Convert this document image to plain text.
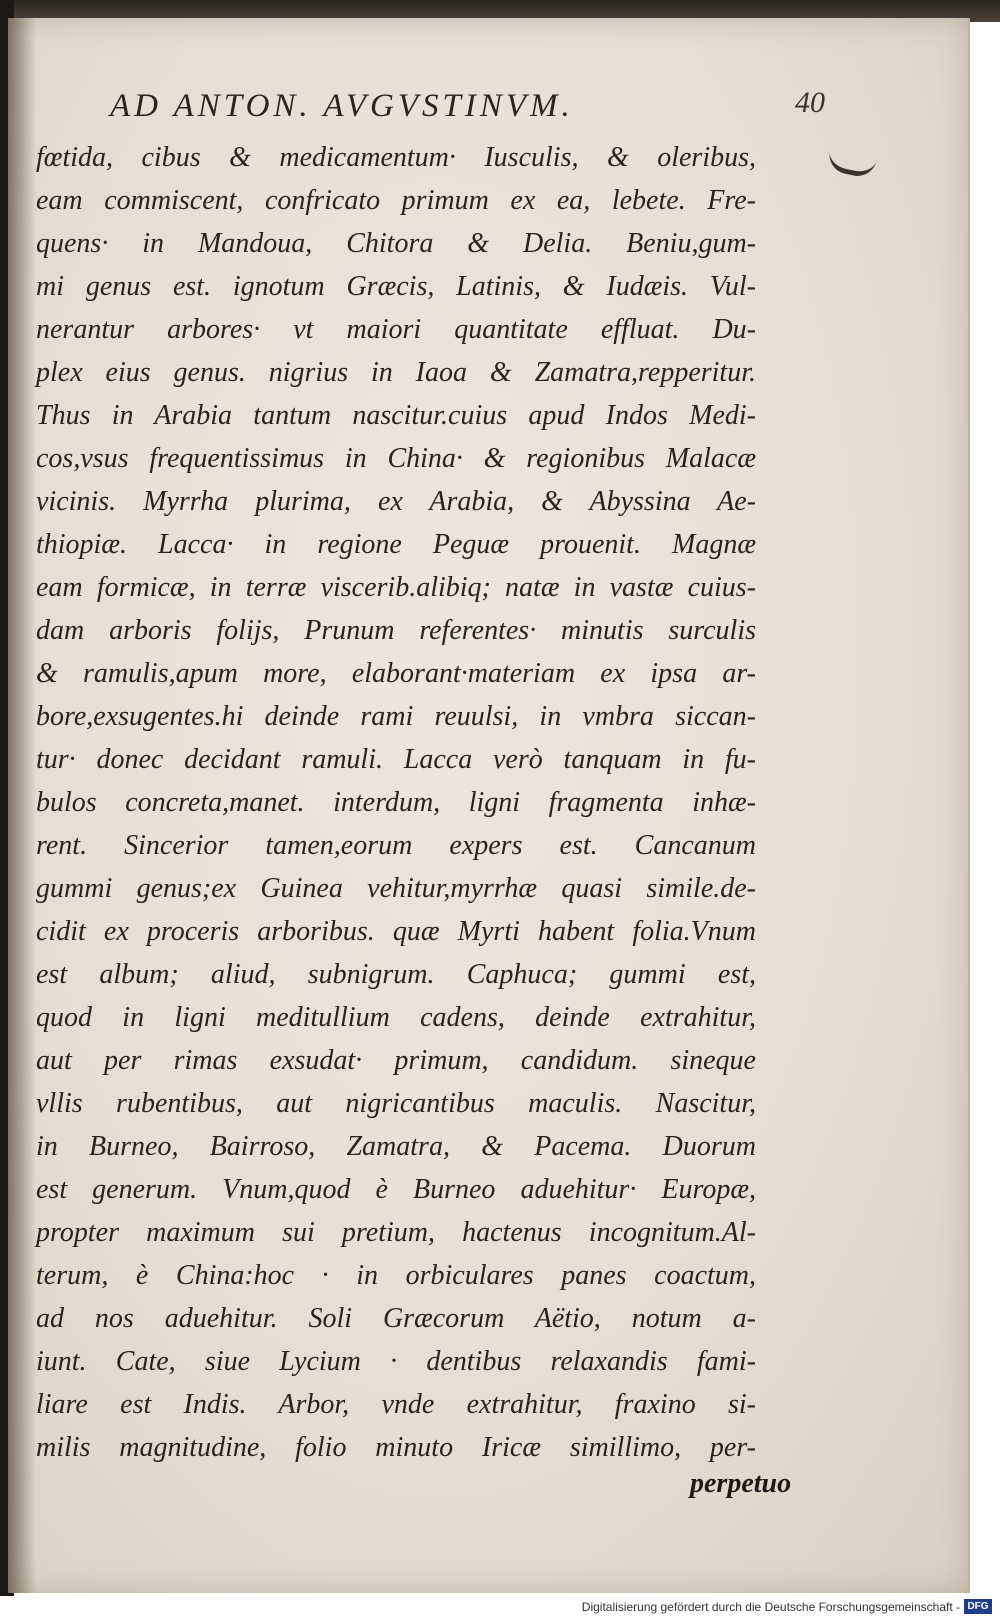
AD ANTON. AVGVSTINVM.	40
fœtida, cibus & medicamentum· Iusculis, & oleribus,
eam commiscent, confricato primum ex ea, lebete. Fre-
quens· in Mandoua, Chitora & Delia. Beniu,gum-
mi genus est. ignotum Græcis, Latinis, & Iudæis. Vul-
nerantur arbores· vt maiori quantitate effluat. Du-
plex eius genus. nigrius in Iaoa & Zamatra,repperitur.
Thus in Arabia tantum nascitur.cuius apud Indos Medi-
cos,vsus frequentissimus in China· & regionibus Malacæ
vicinis. Myrrha plurima, ex Arabia, & Abyssina Ae-
thiopiæ. Lacca· in regione Peguæ prouenit. Magnæ
eam formicæ, in terræ viscerib.alibiq; natæ in vastæ cuius-
dam arboris folijs, Prunum referentes· minutis surculis
& ramulis,apum more, elaborant·materiam ex ipsa ar-
bore,exsugentes.hi deinde rami reuulsi, in vmbra siccan-
tur· donec decidant ramuli. Lacca verò tanquam in fu-
bulos concreta,manet. interdum, ligni fragmenta inhæ-
rent. Sincerior tamen,eorum expers est. Cancanum
gummi genus;ex Guinea vehitur,myrrhæ quasi simile.de-
cidit ex proceris arboribus. quæ Myrti habent folia.Vnum
est album; aliud, subnigrum. Caphuca; gummi est,
quod in ligni meditullium cadens, deinde extrahitur,
aut per rimas exsudat· primum, candidum. sineque
vllis rubentibus, aut nigricantibus maculis. Nascitur,
in Burneo, Bairroso, Zamatra, & Pacema. Duorum
est generum. Vnum,quod è Burneo aduehitur· Europæ,
propter maximum sui pretium, hactenus incognitum.Al-
terum, è China:hoc · in orbiculares panes coactum,
ad nos aduehitur. Soli Græcorum Aëtio, notum a-
iunt. Cate, siue Lycium · dentibus relaxandis fami-
liare est Indis. Arbor, vnde extrahitur, fraxino si-
milis magnitudine, folio minuto Iricæ simillimo, per-
perpetuo
Digitalisierung gefördert durch die Deutsche Forschungsgemeinschaft - DFG
